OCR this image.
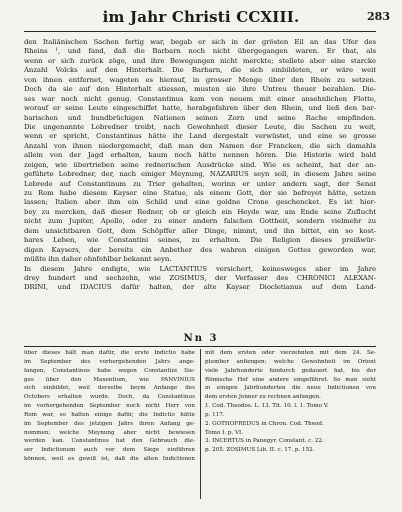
im Jahr Christi CCXIII.	283
den Italiänischen Sachen fertig war, begab er sich in der grösten Eil an das Ufer des
Rheins ¹, und fand, daß die Barbarn noch nicht übergegangen waren. Er that, als
wenn er sich zurück zöge, und ihre Bewegungen nicht merckte; stellete aber eine starcke
Anzahl Volcks auf den Hinterhalt. Die Barbarn, die sich einbildeten, er wäre weit
von ihnen entfernet, wageten es hierauf, in grosser Menge über den Rhein zu setzen.
Doch da sie auf den Hinterhalt stiessen, musten sie ihre Untreu theuer bezahlen. Die-
ses war noch nicht genug. Constantinus kam von neuem mit einer ansehnlichen Flotte,
worauf er seine Leute eingeschiffet hatte, herabgefahren über den Rhein, und ließ den bar-
barischen und bundbrüchigen Nationen seinen Zorn und seine Rache empfinden.
Die ungenannte Lobredner treibt, nach Gewohnheit dieser Leute, die Sachen zu weit,
wenn er spricht, Constantinus hätte ihr Land dergestalt verwüstet, und eine so grosse
Anzahl von ihnen niedergemacht, daß man den Namen der Francken, die sich damahls
allein von der Jagd erhalten, kaum noch hätte nennen hören. Die Historie wird bald
zeigen, wie übertrieben seine rednerischen Ausdrücke sind. Wie es scheint, hat der an-
geführte Lobredner, der, nach einiger Meynung, NAZARIUS seyn soll, in diesem Jahre seine
Lobrede auf Constantinum zu Trier gehalten, worinn er unter andern sagt, der Senat
zu Rom habe diesem Kayser eine Statue, als einem Gott, der sie befreyet hätte, setzen
lassen; Italien aber ihm ein Schild und eine goldne Crone geschencket. Es ist hier-
bey zu mercken, daß dieser Redner, ob er gleich ein Heyde war, am Ende seine Zuflucht
nicht zum Jupiter, Apollo, oder zu einer andern falschen Gottheit, sondern vielmehr zu
dem unsichtbaren Gott, dem Schöpffer aller Dinge, nimmt, und ihn bittet, ein so kost-
bares Leben, wie Constantini seines, zu erhalten. Die Religion dieses preißwür-
digen Kaysers, der bereits ein Anbether des wahren einigen Gottes geworden war,
müßte ihn daher ohnfehlbar bekannt seyn.
In diesem Jahre endigte, wie LACTANTIUS versichert, keinesweges aber im Jahre
drey hundert und sechzehn, wie ZOSIMUS, der Verfasser des CHRONICI ALEXAN-
DRINI, und IDACIUS dafür halten, der alte Kayser Diocletianus auf dem Land-
Nn 3
über dieses hält man dafür, die erste Indictio habe
im September des vorhergehenden Jahrs ange-
fangen, Constantinus habe wegen Constantini Sie-
ges über den Maxentium, wie PANVINIUS
sich einbildet, weil derselbe beym Anfange des
Octobers erhalten wurde. Doch, da Constantinus
im vorhergehenden September noch nicht Herr von
Rom war, so halten einige dafür, die Indictio hätte
im September des jetzigen Jahrs ihren Anfang ge-
nommen; welche Meynung aber nicht bewiesen
werden kan. Constantinus hat den Gebrauch die-
ser Indictionum auch vor dem Siege einführen
können, weil es gewiß ist, daß die alten Indictionen
mit dem ersten oder vierzehnten mit dem 24. Se-
ptember anfiengen: welche Gewohnheit im Orient
viele Jahrhunderte hindurch gedauert hat, bis der
Römische Hof eine andere eingeführet. So man sieht
in einigen Jahrhunderten die neue Indictionen von
dem ersten Jenner zu rechnen anfangen.
1. Cod. Theodos. L. 13. Tit. 10. l. 1. Tomo V.
p. 117.
2. GOTHOFREDUS in Chron. Cod. Theod.
Tomo I. p. VI.
3. INCERTUS in Panegyr. Constant. c. 22.
p. 205. ZOSIMUS Lib. II. c. 17. p. 152.
